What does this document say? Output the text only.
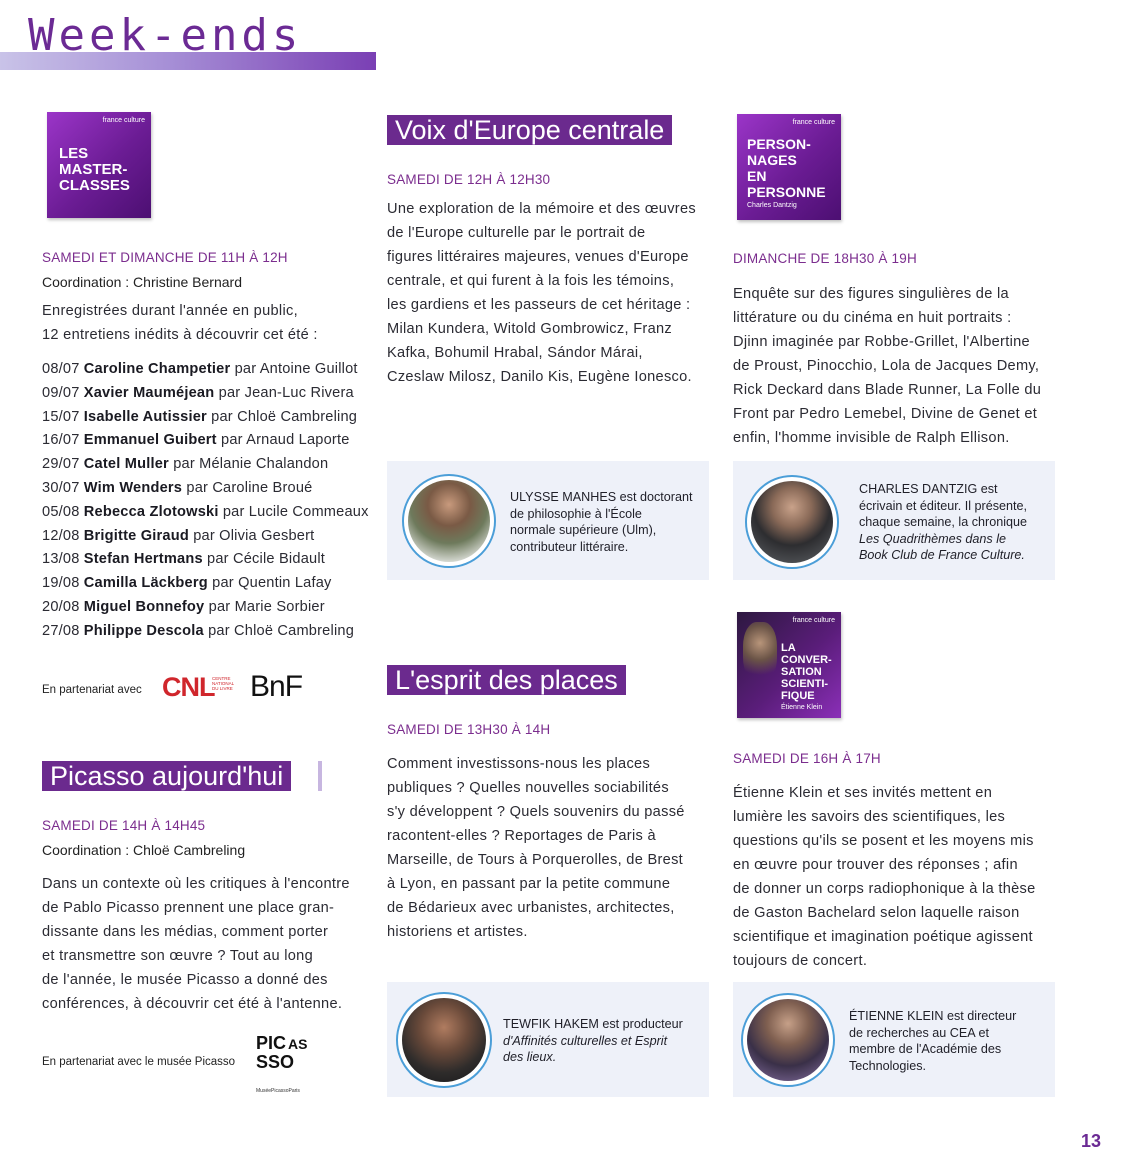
Week-ends
france culture
LES
MASTER-
CLASSES
SAMEDI ET DIMANCHE DE 11H À 12H
Coordination : Christine Bernard
Enregistrées durant l'année en public,
12 entretiens inédits à découvrir cet été :
08/07 Caroline Champetier par Antoine Guillot
09/07 Xavier Mauméjean par Jean-Luc Rivera
15/07 Isabelle Autissier par Chloë Cambreling
16/07 Emmanuel Guibert par Arnaud Laporte
29/07 Catel Muller par Mélanie Chalandon
30/07 Wim Wenders par Caroline Broué
05/08 Rebecca Zlotowski par Lucile Commeaux
12/08 Brigitte Giraud par Olivia Gesbert
13/08 Stefan Hertmans par Cécile Bidault
19/08 Camilla Läckberg par Quentin Lafay
20/08 Miguel Bonnefoy par Marie Sorbier
27/08 Philippe Descola par Chloë Cambreling
En partenariat avec CNL
CENTRE
NATIONAL
DU LIVRE BnF
Picasso aujourd'hui
SAMEDI DE 14H À 14H45
Coordination : Chloë Cambreling
Dans un contexte où les critiques à l'encontre
de Pablo Picasso prennent une place gran-
dissante dans les médias, comment porter
et transmettre son œuvre ? Tout au long
de l'année, le musée Picasso a donné des
conférences, à découvrir cet été à l'antenne.
En partenariat avec le musée Picasso
PIC AS
SSO
MuséePicassoParis
Voix d'Europe centrale
SAMEDI DE 12H À 12H30
Une exploration de la mémoire et des œuvres
de l'Europe culturelle par le portrait de
figures littéraires majeures, venues d'Europe
centrale, et qui furent à la fois les témoins,
les gardiens et les passeurs de cet héritage :
Milan Kundera, Witold Gombrowicz, Franz
Kafka, Bohumil Hrabal, Sándor Márai,
Czeslaw Milosz, Danilo Kis, Eugène Ionesco.
ULYSSE MANHES est doctorant
de philosophie à l'École
normale supérieure (Ulm),
contributeur littéraire.
L'esprit des places
SAMEDI DE 13H30 À 14H
Comment investissons-nous les places
publiques ? Quelles nouvelles sociabilités
s'y développent ? Quels souvenirs du passé
racontent-elles ? Reportages de Paris à
Marseille, de Tours à Porquerolles, de Brest
à Lyon, en passant par la petite commune
de Bédarieux avec urbanistes, architectes,
historiens et artistes.
TEWFIK HAKEM est producteur
d'Affinités culturelles et Esprit
des lieux.
france culture
PERSON-
NAGES
EN
PERSONNE
Charles Dantzig
DIMANCHE DE 18H30 À 19H
Enquête sur des figures singulières de la
littérature ou du cinéma en huit portraits :
Djinn imaginée par Robbe-Grillet, l'Albertine
de Proust, Pinocchio, Lola de Jacques Demy,
Rick Deckard dans Blade Runner, La Folle du
Front par Pedro Lemebel, Divine de Genet et
enfin, l'homme invisible de Ralph Ellison.
CHARLES DANTZIG est
écrivain et éditeur. Il présente,
chaque semaine, la chronique
Les Quadrithèmes dans le
Book Club de France Culture.
france culture
LA
CONVER-
SATION
SCIENTI-
FIQUE
Étienne Klein
SAMEDI DE 16H À 17H
Étienne Klein et ses invités mettent en
lumière les savoirs des scientifiques, les
questions qu'ils se posent et les moyens mis
en œuvre pour trouver des réponses ; afin
de donner un corps radiophonique à la thèse
de Gaston Bachelard selon laquelle raison
scientifique et imagination poétique agissent
toujours de concert.
ÉTIENNE KLEIN est directeur
de recherches au CEA et
membre de l'Académie des
Technologies.
13
